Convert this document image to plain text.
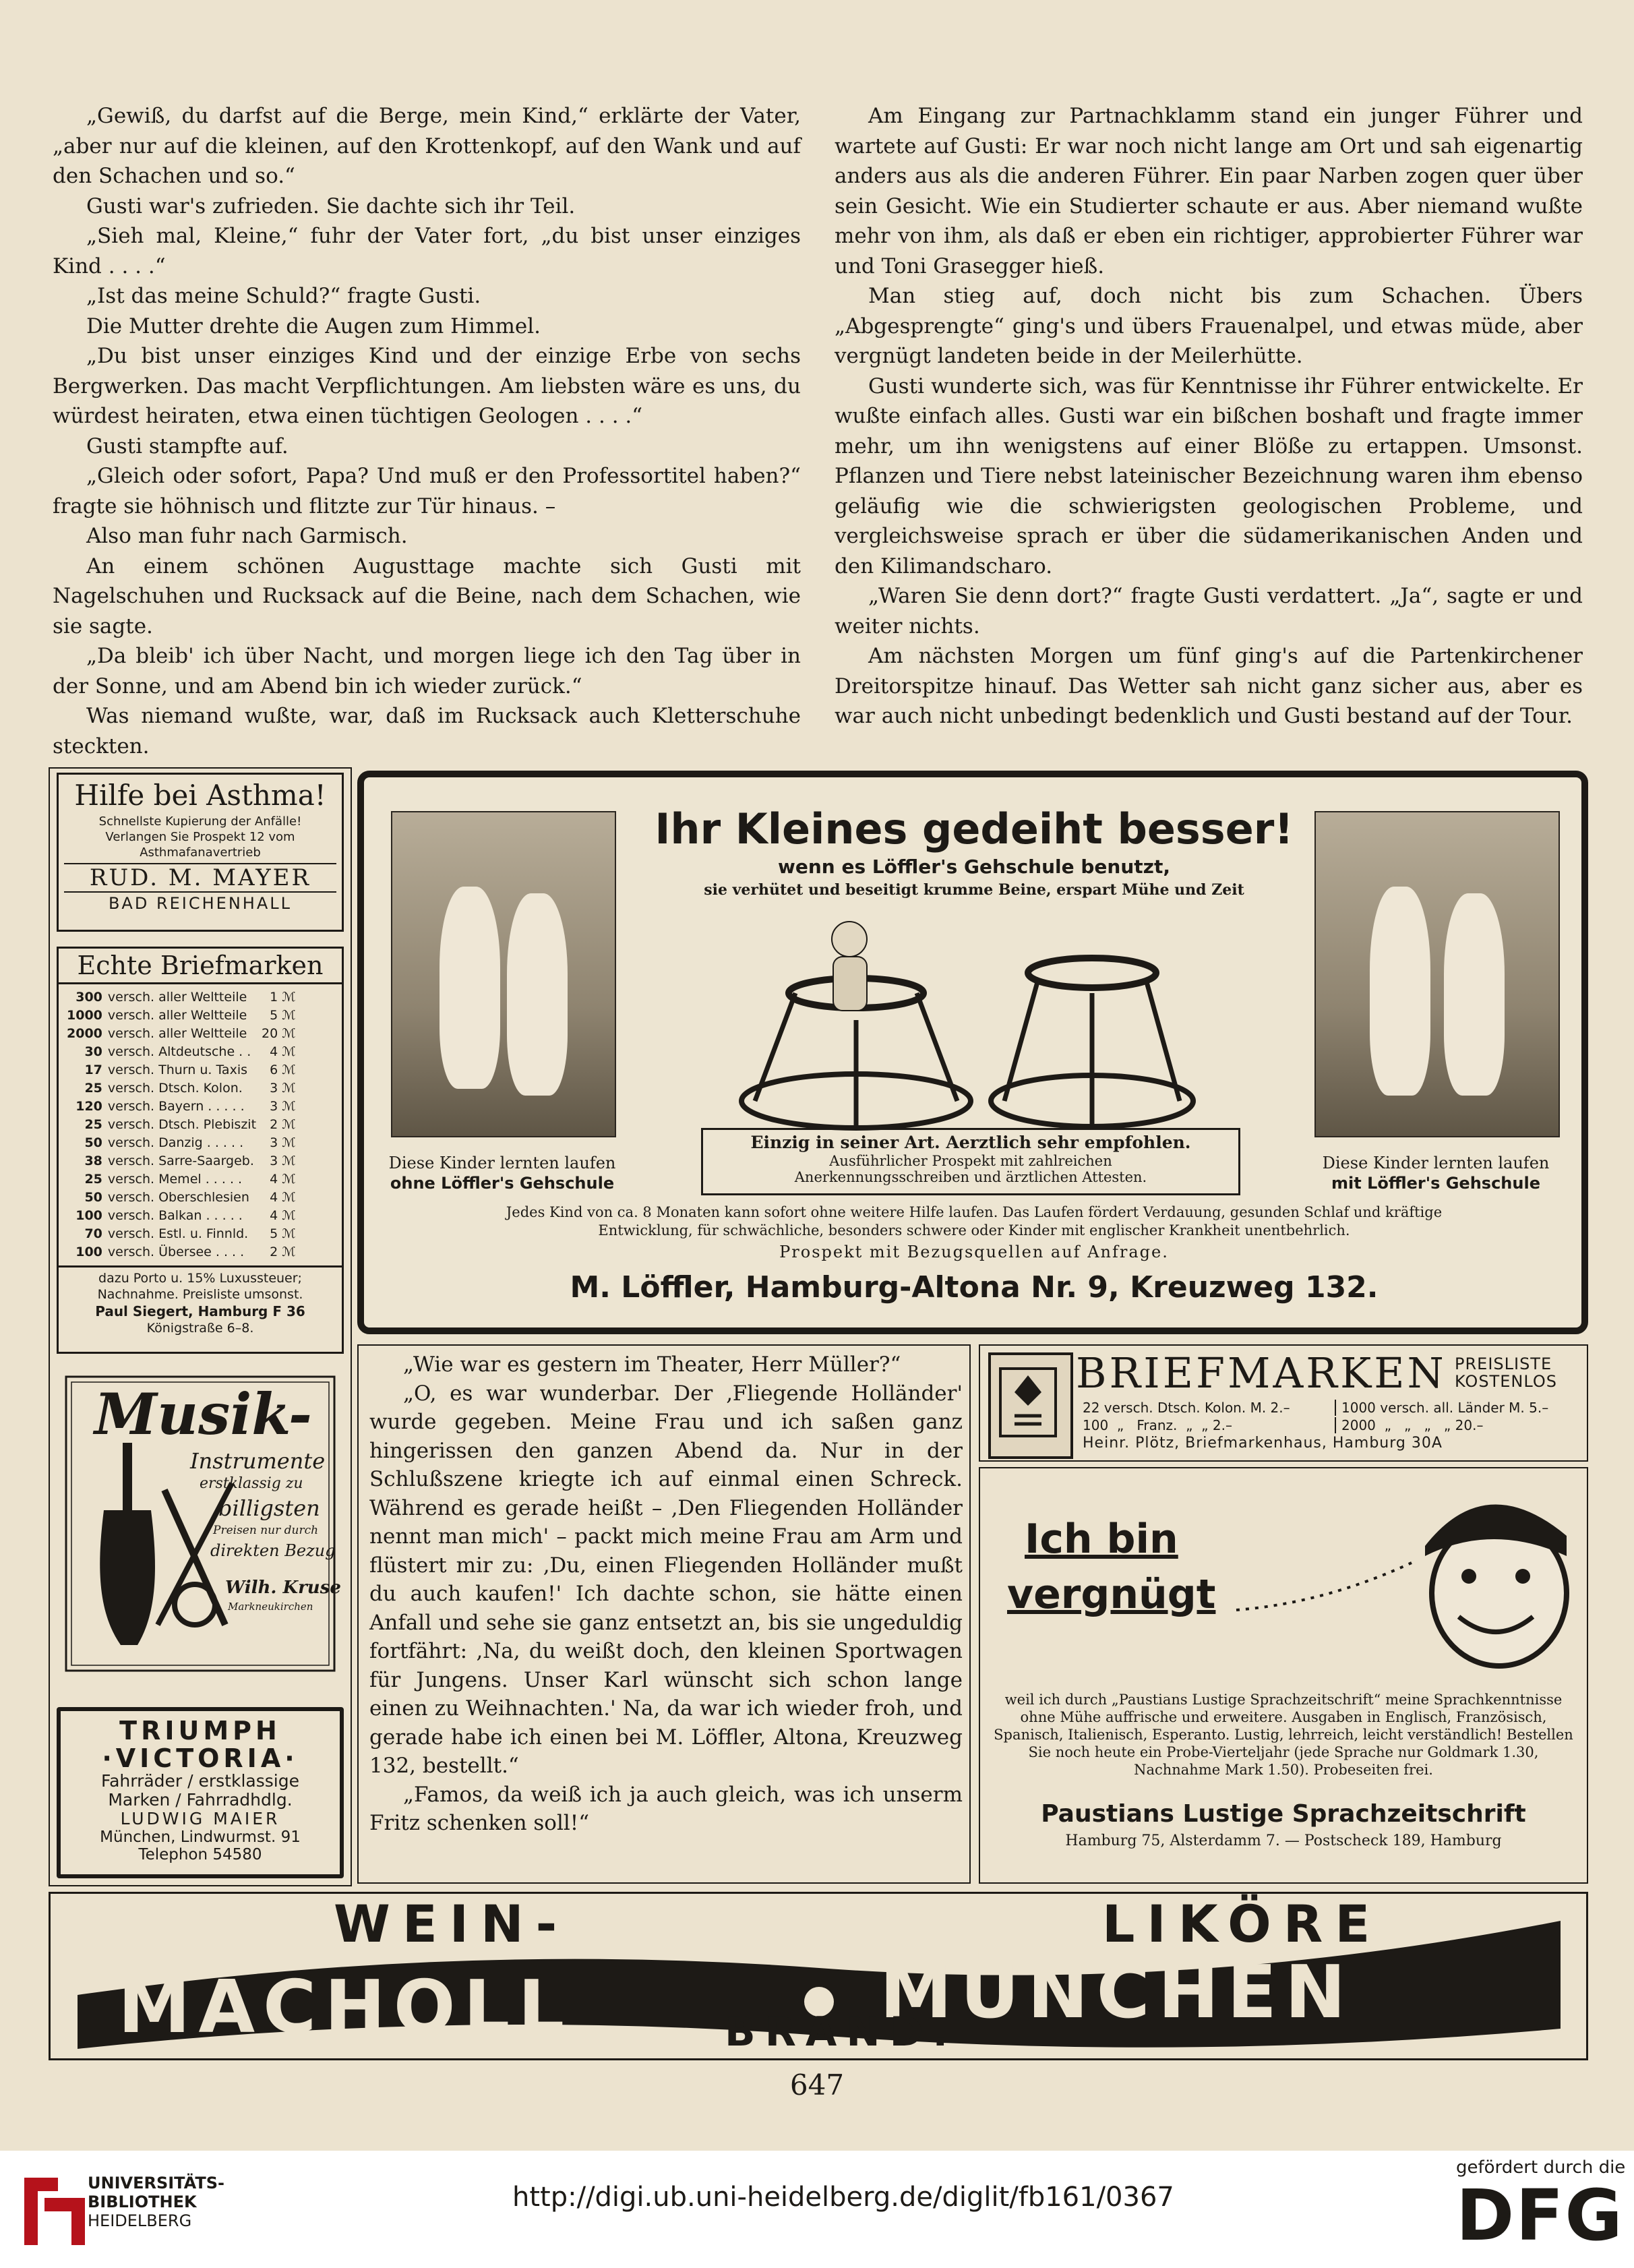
„Gewiß, du darfst auf die Berge, mein Kind,“ erklärte der Vater, „aber nur auf die kleinen, auf den Krottenkopf, auf den Wank und auf den Schachen und so.“

Gusti war's zufrieden. Sie dachte sich ihr Teil.

„Sieh mal, Kleine,“ fuhr der Vater fort, „du bist unser einziges Kind . . . .“

„Ist das meine Schuld?“ fragte Gusti.

Die Mutter drehte die Augen zum Himmel.

„Du bist unser einziges Kind und der einzige Erbe von sechs Bergwerken. Das macht Verpflichtungen. Am liebsten wäre es uns, du würdest heiraten, etwa einen tüchtigen Geologen . . . .“

Gusti stampfte auf.

„Gleich oder sofort, Papa? Und muß er den Professortitel haben?“ fragte sie höhnisch und flitzte zur Tür hinaus. –

Also man fuhr nach Garmisch.

An einem schönen Augusttage machte sich Gusti mit Nagelschuhen und Rucksack auf die Beine, nach dem Schachen, wie sie sagte.

„Da bleib' ich über Nacht, und morgen liege ich den Tag über in der Sonne, und am Abend bin ich wieder zurück.“

Was niemand wußte, war, daß im Rucksack auch Kletterschuhe steckten.

Am Eingang zur Partnachklamm stand ein junger Führer und wartete auf Gusti: Er war noch nicht lange am Ort und sah eigenartig anders aus als die anderen Führer. Ein paar Narben zogen quer über sein Gesicht. Wie ein Studierter schaute er aus. Aber niemand wußte mehr von ihm, als daß er eben ein richtiger, approbierter Führer war und Toni Grasegger hieß.

Man stieg auf, doch nicht bis zum Schachen. Übers „Abgesprengte“ ging's und übers Frauenalpel, und etwas müde, aber vergnügt landeten beide in der Meilerhütte.

Gusti wunderte sich, was für Kenntnisse ihr Führer entwickelte. Er wußte einfach alles. Gusti war ein bißchen boshaft und fragte immer mehr, um ihn wenigstens auf einer Blöße zu ertappen. Umsonst. Pflanzen und Tiere nebst lateinischer Bezeichnung waren ihm ebenso geläufig wie die schwierigsten geologischen Probleme, und vergleichsweise sprach er über die südamerikanischen Anden und den Kilimandscharo.

„Waren Sie denn dort?“ fragte Gusti verdattert. „Ja“, sagte er und weiter nichts.

Am nächsten Morgen um fünf ging's auf die Partenkirchener Dreitorspitze hinauf. Das Wetter sah nicht ganz sicher aus, aber es war auch nicht unbedingt bedenklich und Gusti bestand auf der Tour.

Hilfe bei Asthma!
Schnellste Kupierung der Anfälle! Verlangen Sie Prospekt 12 vom Asthmafanavertrieb
RUD. M. MAYER
BAD REICHENHALL
Echte Briefmarken
300	versch. aller Weltteile	1 ℳ
1000	versch. aller Weltteile	5 ℳ
2000	versch. aller Weltteile	20 ℳ
30	versch. Altdeutsche . .	4 ℳ
17	versch. Thurn u. Taxis	6 ℳ
25	versch. Dtsch. Kolon.	3 ℳ
120	versch. Bayern . . . . .	3 ℳ
25	versch. Dtsch. Plebiszit	2 ℳ
50	versch. Danzig . . . . .	3 ℳ
38	versch. Sarre-Saargeb.	3 ℳ
25	versch. Memel . . . . .	4 ℳ
50	versch. Oberschlesien	4 ℳ
100	versch. Balkan . . . . .	4 ℳ
70	versch. Estl. u. Finnld.	5 ℳ
100	versch. Übersee . . . .	2 ℳ
dazu Porto u. 15% Luxussteuer; Nachnahme. Preisliste umsonst.
Paul Siegert, Hamburg F 36
Königstraße 6–8.
Musik-
Instrumente
erstklassig zu
billigsten
Preisen nur durch
direkten Bezug
Wilh. Kruse
Markneukirchen
TRIUMPH
·VICTORIA·
Fahrräder / erstklassige
Marken / Fahrradhdlg.
LUDWIG MAIER
München, Lindwurmst. 91
Telephon 54580
Ihr Kleines gedeiht besser!
wenn es Löffler's Gehschule benutzt,
sie verhütet und beseitigt krumme Beine, erspart Mühe und Zeit
Diese Kinder lernten laufen
ohne Löffler's Gehschule
Diese Kinder lernten laufen
mit Löffler's Gehschule
Einzig in seiner Art. Aerztlich sehr empfohlen.
Ausführlicher Prospekt mit zahlreichen
Anerkennungsschreiben und ärztlichen Attesten.
Jedes Kind von ca. 8 Monaten kann sofort ohne weitere Hilfe laufen. Das Laufen fördert Verdauung, gesunden Schlaf und kräftige Entwicklung, für schwächliche, besonders schwere oder Kinder mit englischer Krankheit unentbehrlich.
Prospekt mit Bezugsquellen auf Anfrage.
M. Löffler, Hamburg-Altona Nr. 9, Kreuzweg 132.

„Wie war es gestern im Theater, Herr Müller?“

„O, es war wunderbar. Der ‚Fliegende Holländer' wurde gegeben. Meine Frau und ich saßen ganz hingerissen den ganzen Abend da. Nur in der Schlußszene kriegte ich auf einmal einen Schreck. Während es gerade heißt – ‚Den Fliegenden Holländer nennt man mich' – packt mich meine Frau am Arm und flüstert mir zu: ‚Du, einen Fliegenden Holländer mußt du auch kaufen!' Ich dachte schon, sie hätte einen Anfall und sehe sie ganz entsetzt an, bis sie ungeduldig fortfährt: ‚Na, du weißt doch, den kleinen Sportwagen für Jungens. Unser Karl wünscht sich schon lange einen zu Weihnachten.' Na, da war ich wieder froh, und gerade habe ich einen bei M. Löffler, Altona, Kreuzweg 132, bestellt.“

„Famos, da weiß ich ja auch gleich, was ich unserm Fritz schenken soll!“

BRIEFMARKEN PREISLISTE
KOSTENLOS
22 versch. Dtsch. Kolon. M. 2.–	1000 versch. all. Länder M. 5.–
100  „   Franz.  „  „ 2.–	2000  „   „   „   „ 20.–
Heinr. Plötz, Briefmarkenhaus, Hamburg 30A
Ich bin
vergnügt
weil ich durch „Paustians Lustige Sprachzeitschrift“ meine Sprachkenntnisse ohne Mühe auffrische und erweitere. Ausgaben in Englisch, Französisch, Spanisch, Italienisch, Esperanto. Lustig, lehrreich, leicht verständlich! Bestellen Sie noch heute ein Probe-Vierteljahr (jede Sprache nur Goldmark 1.30, Nachnahme Mark 1.50). Probeseiten frei.
Paustians Lustige Sprachzeitschrift
Hamburg 75, Alsterdamm 7. — Postscheck 189, Hamburg
WEIN-	LIKÖRE
MACHOLL	MÜNCHEN
BRAND.
647
UNIVERSITÄTS-
BIBLIOTHEK
HEIDELBERG
http://digi.ub.uni-heidelberg.de/diglit/fb161/0367
gefördert durch die
DFG
